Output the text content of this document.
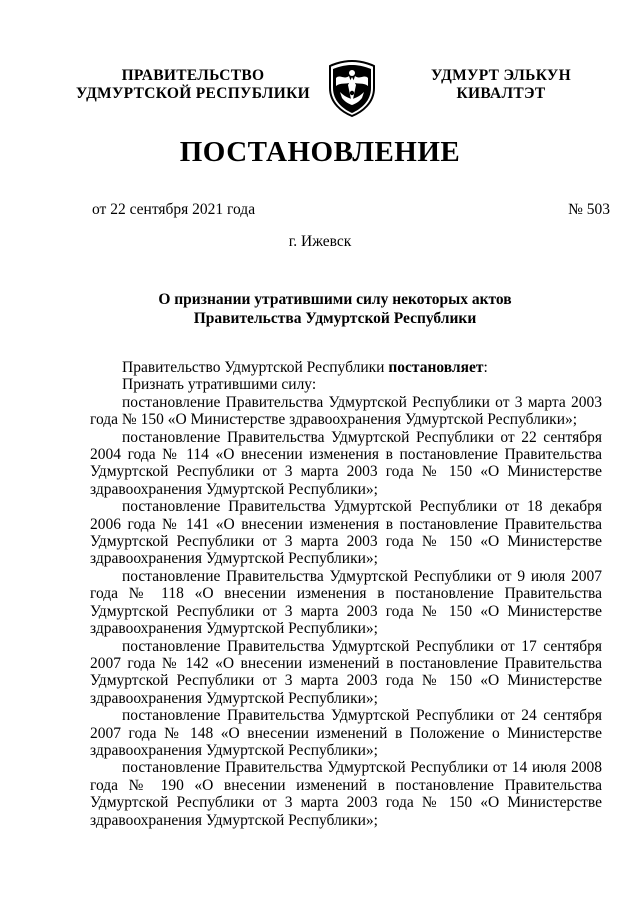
ПРАВИТЕЛЬСТВО
УДМУРТСКОЙ РЕСПУБЛИКИ
УДМУРТ ЭЛЬКУН
КИВАЛТЭТ
ПОСТАНОВЛЕНИЕ
от 22 сентября 2021 года	№ 503
г. Ижевск
О признании утратившими силу некоторых актов
Правительства Удмуртской Республики

Правительство Удмуртской Республики постановляет:

Признать утратившими силу:

постановление Правительства Удмуртской Республики от 3 марта 2003 года № 150 «О Министерстве здравоохранения Удмуртской Республики»;

постановление Правительства Удмуртской Республики от 22 сентября 2004 года № 114 «О внесении изменения в постановление Правительства Удмуртской Республики от 3 марта 2003 года № 150 «О Министерстве здравоохранения Удмуртской Республики»;

постановление Правительства Удмуртской Республики от 18 декабря 2006 года № 141 «О внесении изменения в постановление Правительства Удмуртской Республики от 3 марта 2003 года № 150 «О Министерстве здравоохранения Удмуртской Республики»;

постановление Правительства Удмуртской Республики от 9 июля 2007 года № 118 «О внесении изменения в постановление Правительства Удмуртской Республики от 3 марта 2003 года № 150 «О Министерстве здравоохранения Удмуртской Республики»;

постановление Правительства Удмуртской Республики от 17 сентября 2007 года № 142 «О внесении изменений в постановление Правительства Удмуртской Республики от 3 марта 2003 года № 150 «О Министерстве здравоохранения Удмуртской Республики»;

постановление Правительства Удмуртской Республики от 24 сентября 2007 года № 148 «О внесении изменений в Положение о Министерстве здравоохранения Удмуртской Республики»;

постановление Правительства Удмуртской Республики от 14 июля 2008 года № 190 «О внесении изменений в постановление Правительства Удмуртской Республики от 3 марта 2003 года № 150 «О Министерстве здравоохранения Удмуртской Республики»;
